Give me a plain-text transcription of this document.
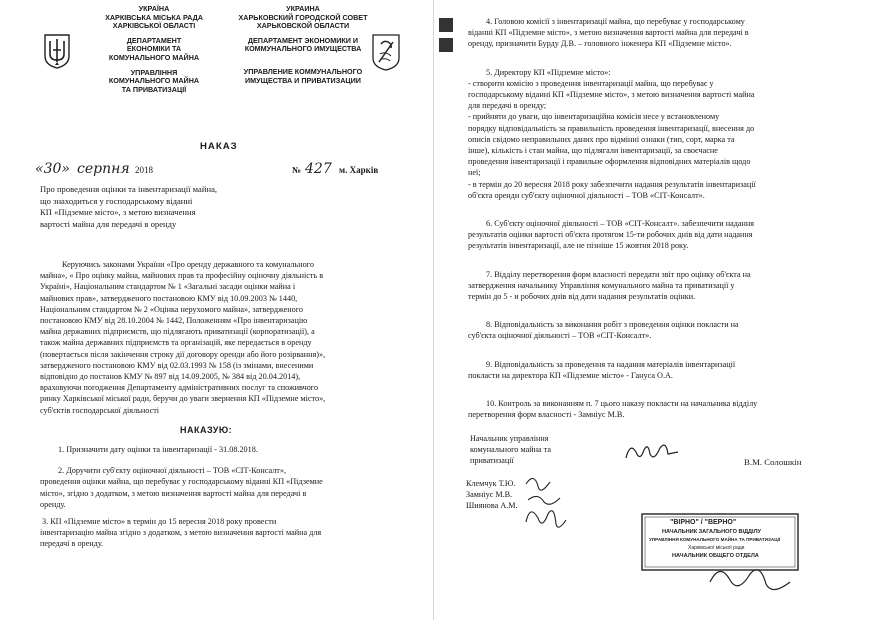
УКРАЇНА
ХАРКІВСЬКА МІСЬКА РАДА
ХАРКІВСЬКОЇ ОБЛАСТІ
ДЕПАРТАМЕНТ
ЕКОНОМІКИ ТА
КОМУНАЛЬНОГО МАЙНА
УПРАВЛІННЯ
КОМУНАЛЬНОГО МАЙНА
ТА ПРИВАТИЗАЦІЇ
УКРАИНА
ХАРЬКОВСКИЙ ГОРОДСКОЙ СОВЕТ
ХАРЬКОВСКОЙ ОБЛАСТИ
ДЕПАРТАМЕНТ ЭКОНОМИКИ И
КОММУНАЛЬНОГО ИМУЩЕСТВА
УПРАВЛЕНИЕ КОММУНАЛЬНОГО
ИМУЩЕСТВА И ПРИВАТИЗАЦИИ
НАКАЗ
«30» серпня 2018	№ 427 м. Харків
Про проведення оцінки та інвентаризації майна,
що знаходиться у господарському віданні
КП «Підземне місто», з метою визначення
вартості майна для передачі в оренду
Керуючись законами України «Про оренду державного та комунального
майна», « Про оцінку майна, майнових прав та професійну оціночну діяльність в
Україні», Національним стандартом № 1 «Загальні засади оцінки майна і
майнових прав», затвердженого постановою КМУ від 10.09.2003 № 1440,
Національним стандартом № 2 «Оцінка нерухомого майна», затвердженого
постановою КМУ від 28.10.2004 № 1442, Положенням «Про інвентаризацію
майна державних підприємств, що підлягають приватизації (корпоратизації), а
також майна державних підприємств та організацій, яке передається в оренду
(повертається після закінчення строку дії договору оренди або його розірвання)»,
затвердженого постановою КМУ від 02.03.1993 № 158 (із змінами, внесеними
відповідно до постанов КМУ № 897 від 14.09.2005, № 384 від 20.04.2014),
враховуючи погодження Департаменту адміністративних послуг та споживчого
ринку Харківської міської ради, беручи до уваги звернення КП «Підземне місто»,
суб'єктів господарської діяльності
НАКАЗУЮ:
1. Призначити дату оцінки та інвентаризації - 31.08.2018.
2. Доручити суб'єкту оціночної діяльності – ТОВ «СІТ-Консалт»,
проведення оцінки майна, що перебуває у господарському віданні КП «Підземне
місто», згідно з додатком, з метою визначення вартості майна для передачі в
оренду.
3. КП «Підземне місто» в термін до 15 вересня 2018 року провести
інвентаризацію майна згідно з додатком, з метою визначення вартості майна для
передачі в оренду.
4. Головою комісії з інвентаризації майна, що перебуває у господарському
віданні КП «Підземне місто», з метою визначення вартості майна для передачі в
оренду, призначити Бурду Д.В. – головного інженера КП «Підземне місто».
5. Директору КП «Підземне місто»:
- створити комісію з проведення інвентаризації майна, що перебуває у
господарському віданні КП «Підземне місто», з метою визначення вартості майна
для передачі в оренду;
- прийняти до уваги, що інвентаризаційна комісія несе у встановленому
порядку відповідальність за правильність проведення інвентаризації, внесення до
описів свідомо неправильних даних про відмінні ознаки (тип, сорт, марка та
інше), кількість і стан майна, що підлягали інвентаризації, за своєчасне
проведення інвентаризації і правильне оформлення відповідних матеріалів щодо
неї;
- в термін до 20 вересня 2018 року забезпечити надання результатів інвентаризації
об'єкта оренди суб'єкту оціночної діяльності – ТОВ «СІТ-Консалт».
6. Суб'єкту оціночної діяльності – ТОВ «СІТ-Консалт». забезпечити надання
результатів оцінки вартості об'єкта протягом 15-ти робочих днів від дати надання
результатів інвентаризації, але не пізніше 15 жовтня 2018 року.
7. Відділу перетворення форм власності передати звіт про оцінку об'єкта на
затвердження начальнику Управління комунального майна та приватизації у
термін до 5 - и робочих днів від дати надання результатів оцінки.
8. Відповідальність за виконання робіт з проведення оцінки покласти на
суб'єкта оціночної діяльності – ТОВ «СІТ-Консалт».
9. Відповідальність за проведення та надання матеріалів інвентаризації
покласти на директора КП «Підземне місто» - Гануса О.А.
10. Контроль за виконанням п. 7 цього наказу покласти на начальника відділу
перетворення форм власності - Замніус М.В.
Начальник управління
комунального майна та
приватизації	В.М. Солошкін
Клемчук Т.Ю.
Замніус М.В.
Шиянова А.М.
"ВІРНО" / "ВЕРНО"
НАЧАЛЬНИК ЗАГАЛЬНОГО ВІДДІЛУ
УПРАВЛІННЯ КОМУНАЛЬНОГО МАЙНА ТА ПРИВАТИЗАЦІЇ
Харківської міської ради
НАЧАЛЬНИК ОБЩЕГО ОТДЕЛА
